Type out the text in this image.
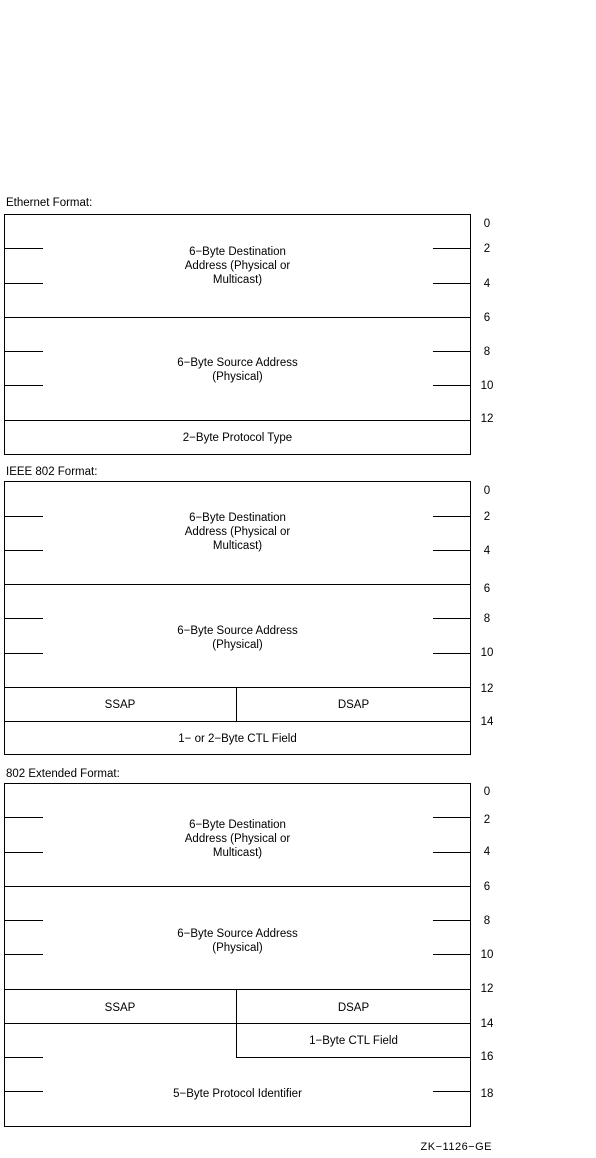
Ethernet Format:
6−Byte Destination
Address (Physical or
Multicast)
6−Byte Source Address
(Physical)
2−Byte Protocol Type
0
2
4
6
8
10
12
IEEE 802 Format:
6−Byte Destination
Address (Physical or
Multicast)
6−Byte Source Address
(Physical)
SSAP	DSAP
1− or 2−Byte CTL Field
0
2
4
6
8
10
12
14
802 Extended Format:
6−Byte Destination
Address (Physical or
Multicast)
6−Byte Source Address
(Physical)
SSAP	DSAP
1−Byte CTL Field
5−Byte Protocol Identifier
0
2
4
6
8
10
12
14
16
18
ZK−1126−GE
